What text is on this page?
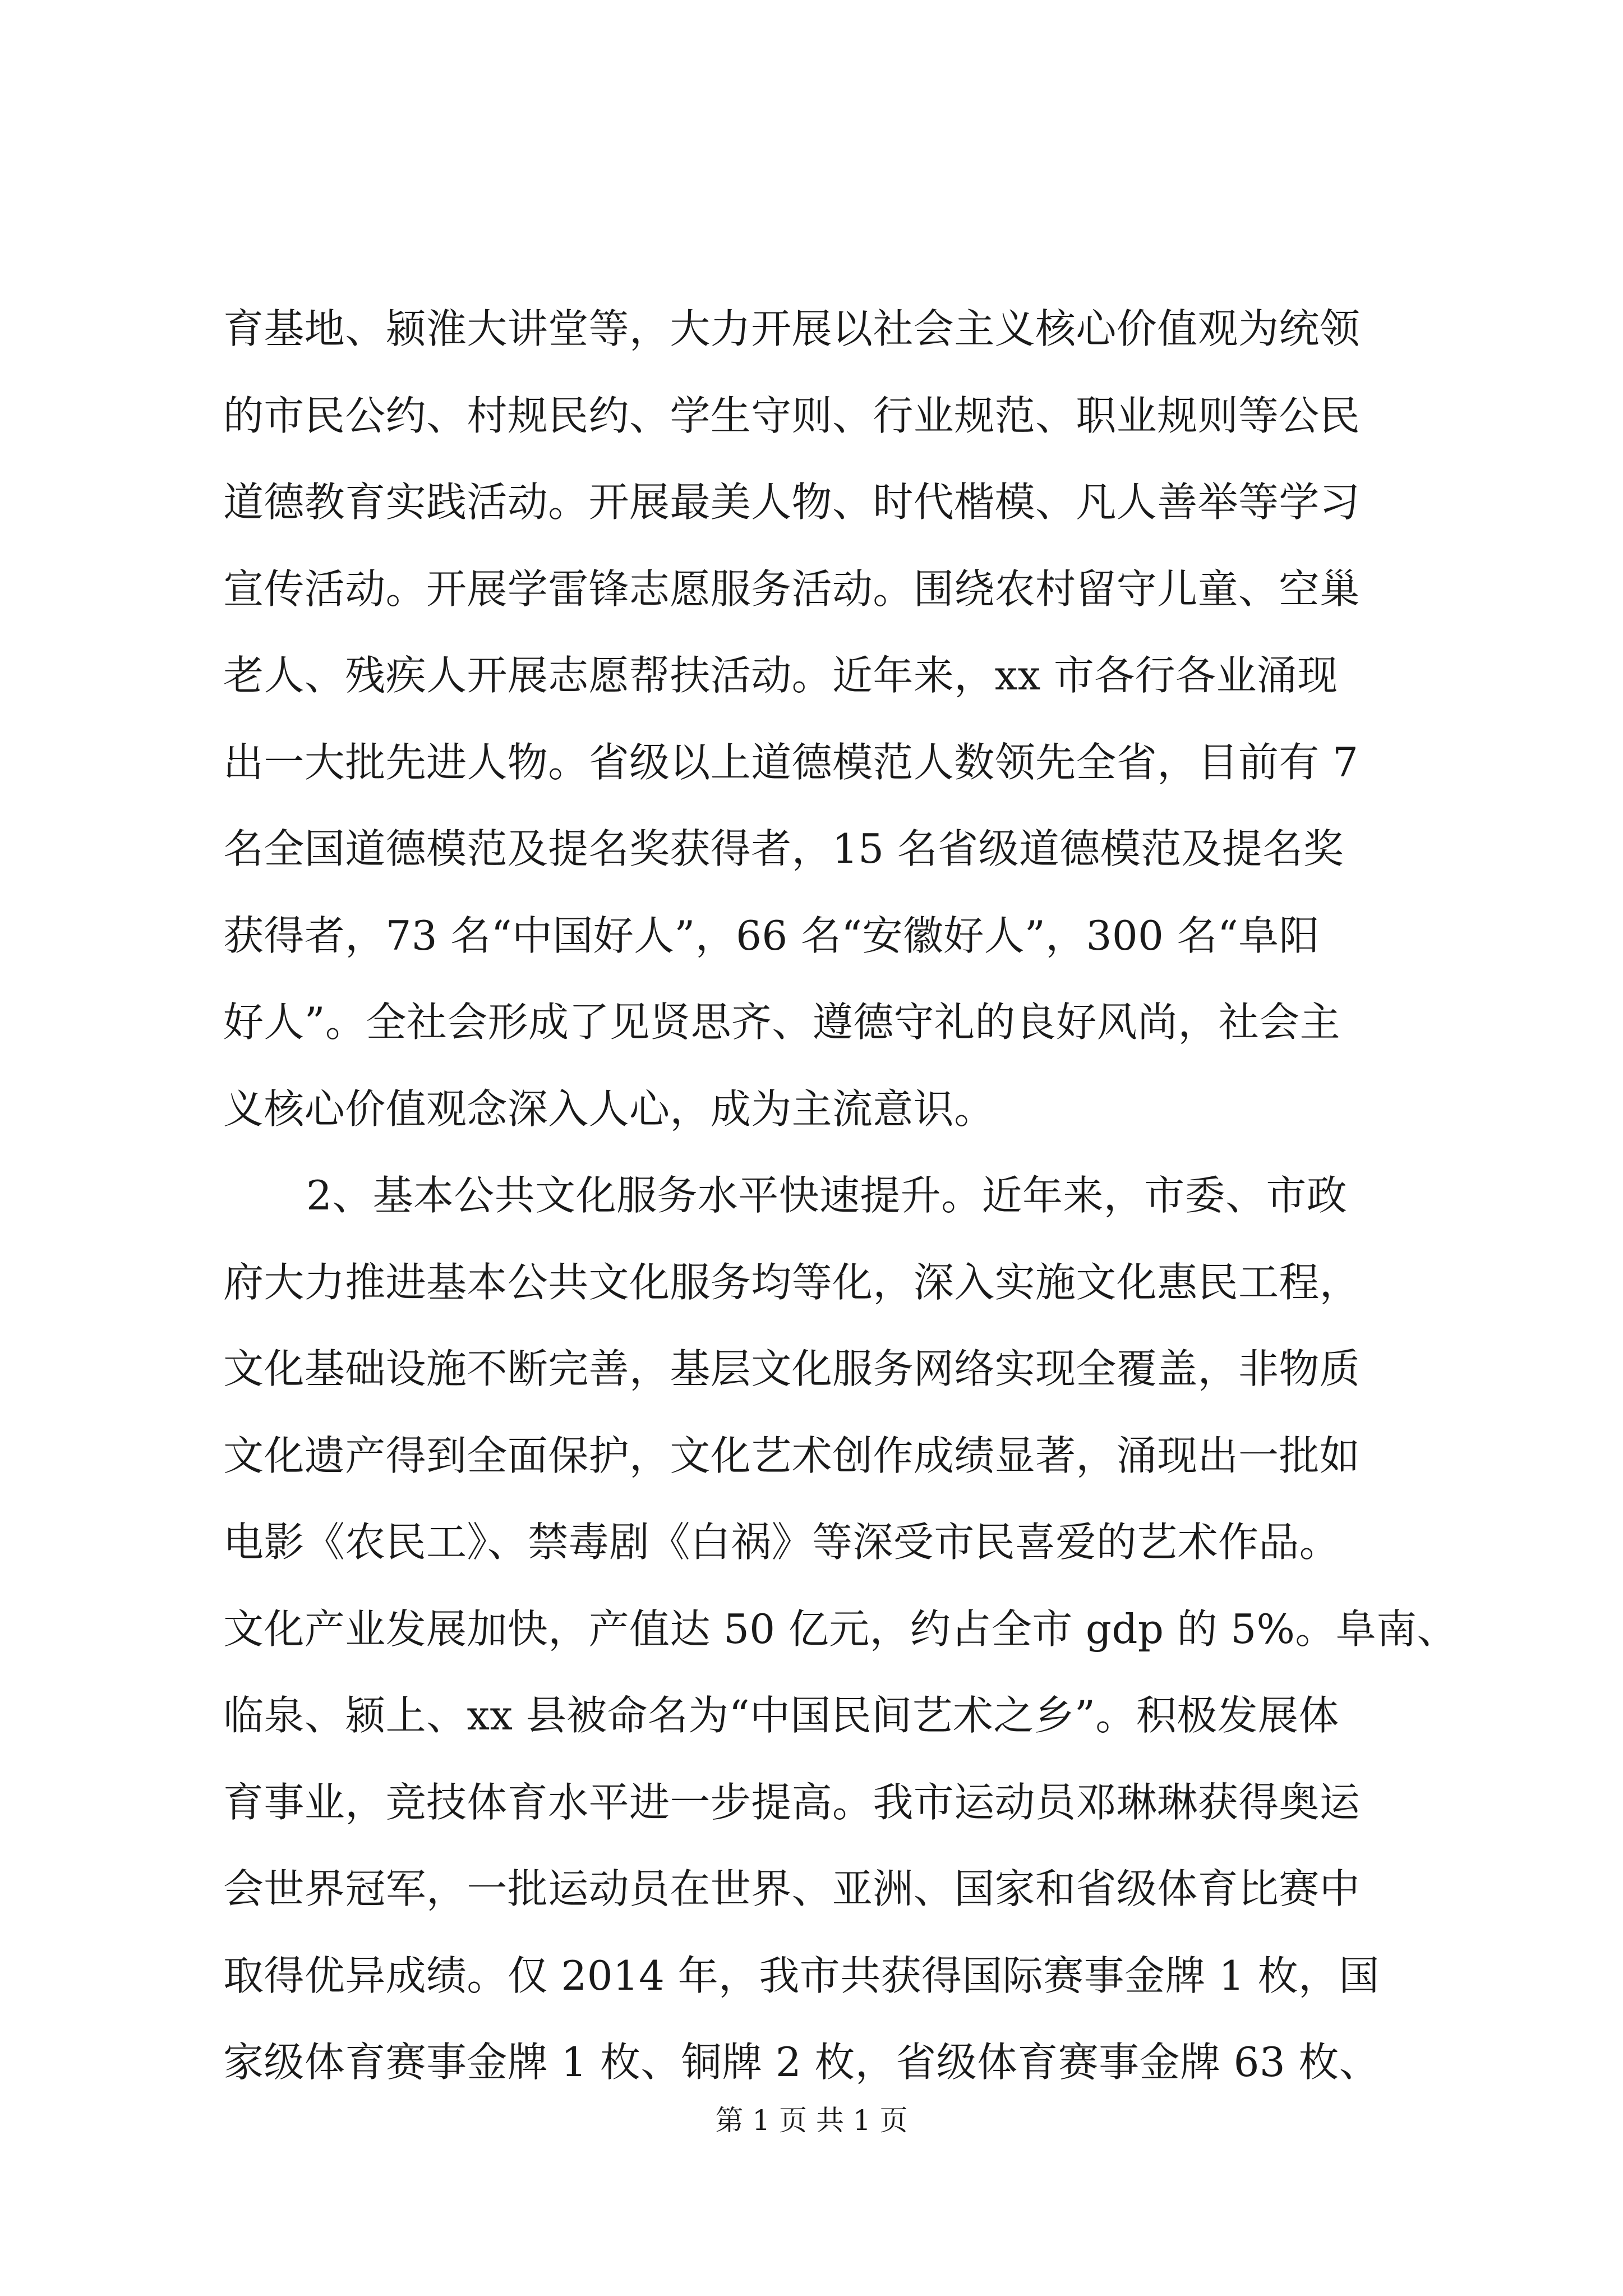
育基地、颍淮大讲堂等，大力开展以社会主义核心价值观为统领
的市民公约、村规民约、学生守则、行业规范、职业规则等公民
道德教育实践活动。开展最美人物、时代楷模、凡人善举等学习
宣传活动。开展学雷锋志愿服务活动。围绕农村留守儿童、空巢
老人、残疾人开展志愿帮扶活动。近年来，xx 市各行各业涌现
出一大批先进人物。省级以上道德模范人数领先全省，目前有 7
名全国道德模范及提名奖获得者，15 名省级道德模范及提名奖
获得者，73 名“中国好人”，66 名“安徽好人”，300 名“阜阳
好人”。全社会形成了见贤思齐、遵德守礼的良好风尚，社会主
义核心价值观念深入人心，成为主流意识。
2、基本公共文化服务水平快速提升。近年来，市委、市政
府大力推进基本公共文化服务均等化，深入实施文化惠民工程，
文化基础设施不断完善，基层文化服务网络实现全覆盖，非物质
文化遗产得到全面保护，文化艺术创作成绩显著，涌现出一批如
电影《农民工》、禁毒剧《白祸》等深受市民喜爱的艺术作品。
文化产业发展加快，产值达 50 亿元，约占全市 gdp 的 5%。阜南、
临泉、颍上、xx 县被命名为“中国民间艺术之乡”。积极发展体
育事业，竞技体育水平进一步提高。我市运动员邓琳琳获得奥运
会世界冠军，一批运动员在世界、亚洲、国家和省级体育比赛中
取得优异成绩。仅 2014 年，我市共获得国际赛事金牌 1 枚，国
家级体育赛事金牌 1 枚、铜牌 2 枚，省级体育赛事金牌 63 枚、
第 1 页 共 1 页
